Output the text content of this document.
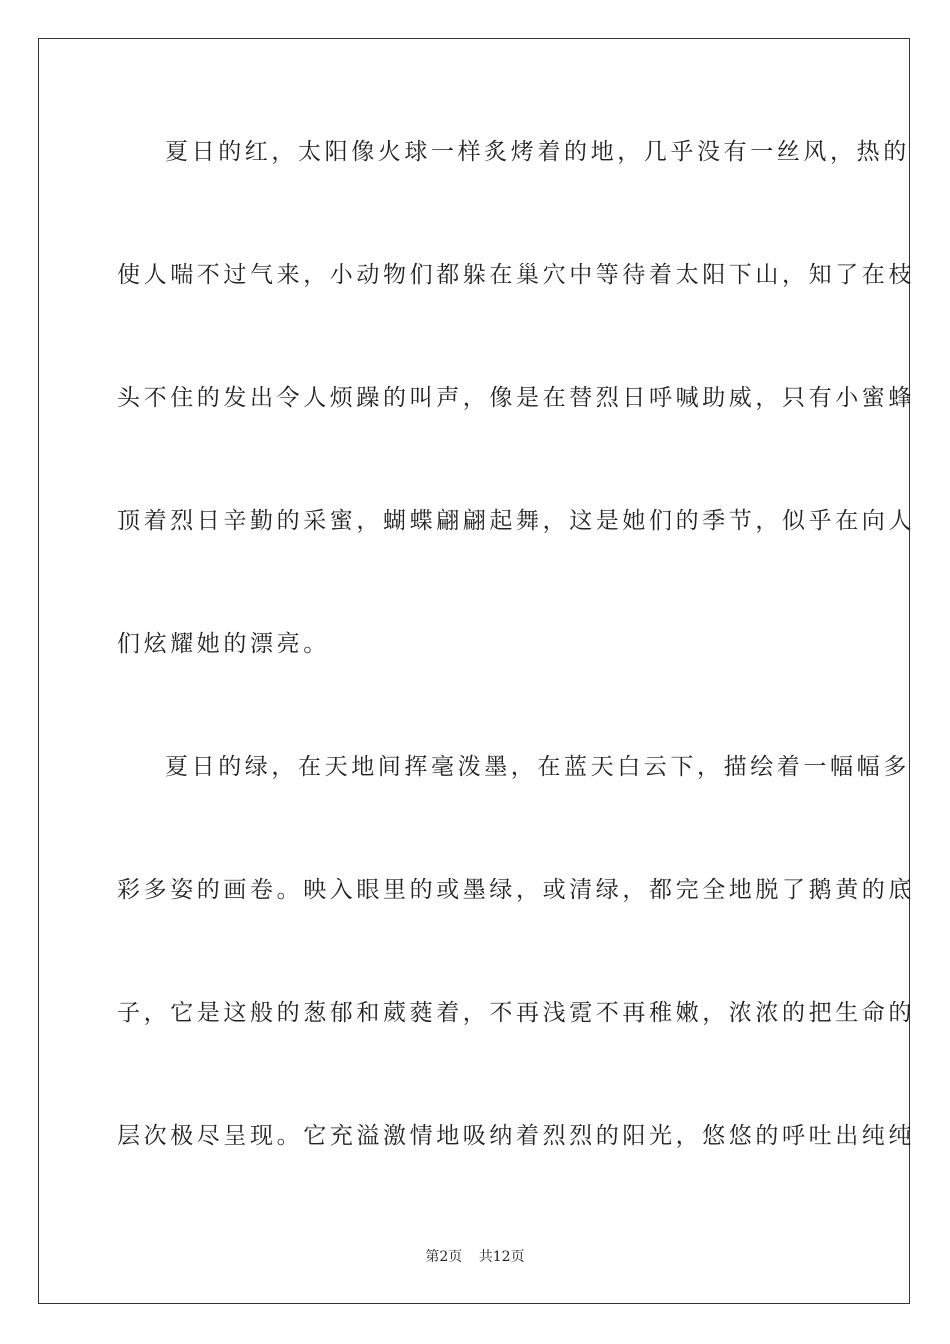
夏日的红，太阳像火球一样炙烤着的地，几乎没有一丝风，热的
使人喘不过气来，小动物们都躲在巢穴中等待着太阳下山，知了在枝
头不住的发出令人烦躁的叫声，像是在替烈日呼喊助威，只有小蜜蜂
顶着烈日辛勤的采蜜，蝴蝶翩翩起舞，这是她们的季节，似乎在向人
们炫耀她的漂亮。
夏日的绿，在天地间挥毫泼墨，在蓝天白云下，描绘着一幅幅多
彩多姿的画卷。映入眼里的或墨绿，或清绿，都完全地脱了鹅黄的底
子，它是这般的葱郁和葳蕤着，不再浅霓不再稚嫩，浓浓的把生命的
层次极尽呈现。它充溢激情地吸纳着烈烈的阳光，悠悠的呼吐出纯纯
第2页 共12页
